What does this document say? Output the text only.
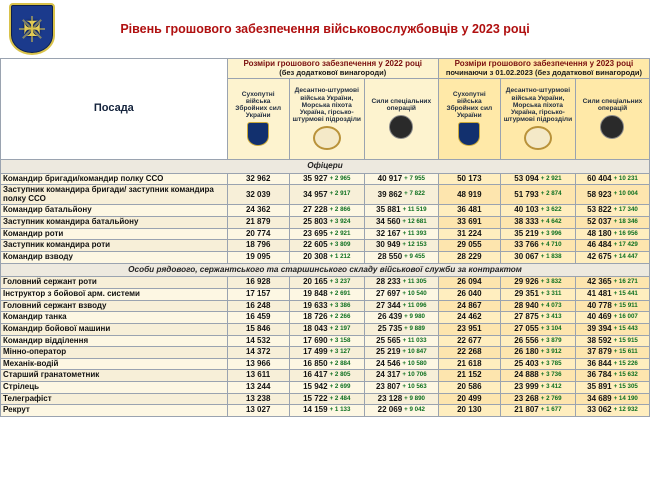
Рівень грошового забезпечення військовослужбовців у 2023 році
Посада	
Розміри грошового забезпечення у 2022 році
(без додаткової винагороди)

Розміри грошового забезпечення у 2023 році
починаючи з 01.02.2023 (без додаткової винагороди)

	Сухопутні війська Збройних сил України	Десантно-штурмові війська України, Морська піхота Україна, гірсько-штурмові підрозділи	Сили спеціальних операцій	Сухопутні війська Збройних сил України	Десантно-штурмові війська України, Морська піхота Україна, гірсько-штурмові підрозділи	Сили спеціальних операцій

Офіцери						
Командир бригади/командир полку ССО	32 962	35 927 + 2 965	40 917 + 7 955	50 173	53 094 + 2 921	60 404 + 10 231

Заступник командира бригади/ заступник командира полку ССО	32 039	34 957 + 2 917	39 862 + 7 822	48 919	51 793 + 2 874	58 923 + 10 004

Командир батальйону	24 362	27 228 + 2 866	35 881 + 11 519	36 481	40 103 + 3 622	53 822 + 17 340

Заступник командира батальйону	21 879	25 803 + 3 924	34 560 + 12 681	33 691	38 333 + 4 642	52 037 + 18 346

Командир роти	20 774	23 695 + 2 921	32 167 + 11 393	31 224	35 219 + 3 996	48 180 + 16 956

Заступник командира роти	18 796	22 605 + 3 809	30 949 + 12 153	29 055	33 766 + 4 710	46 484 + 17 429

Командир взводу	19 095	20 308 + 1 212	28 550 + 9 455	28 229	30 067 + 1 838	42 675 + 14 447

Особи рядового, сержантського та старшинського складу військової служби за контрактом						
Головний сержант роти	16 928	20 165 + 3 237	28 233 + 11 305	26 094	29 926 + 3 832	42 365 + 16 271

Інструктор з бойової арм. системи	17 157	19 848 + 2 691	27 697 + 10 540	26 040	29 351 + 3 311	41 481 + 15 441

Головний сержант взводу	16 248	19 633 + 3 386	27 344 + 11 096	24 867	28 940 + 4 073	40 778 + 15 911

Командир танка	16 459	18 726 + 2 266	26 439 + 9 980	24 462	27 875 + 3 413	40 469 + 16 007

Командир бойової машини	15 846	18 043 + 2 197	25 735 + 9 889	23 951	27 055 + 3 104	39 394 + 15 443

Командир відділення	14 532	17 690 + 3 158	25 565 + 11 033	22 677	26 556 + 3 879	38 592 + 15 915

Мінно-оператор	14 372	17 499 + 3 127	25 219 + 10 847	22 268	26 180 + 3 912	37 879 + 15 611

Механік-водій	13 966	16 850 + 2 884	24 546 + 10 580	21 618	25 403 + 3 785	36 844 + 15 226

Старший гранатометник	13 611	16 417 + 2 805	24 317 + 10 706	21 152	24 888 + 3 736	36 784 + 15 632

Стрілець	13 244	15 942 + 2 699	23 807 + 10 563	20 586	23 999 + 3 412	35 891 + 15 305

Телеграфіст	13 238	15 722 + 2 484	23 128 + 9 890	20 499	23 268 + 2 769	34 689 + 14 190

Рекрут	13 027	14 159 + 1 133	22 069 + 9 042	20 130	21 807 + 1 677	33 062 + 12 932
